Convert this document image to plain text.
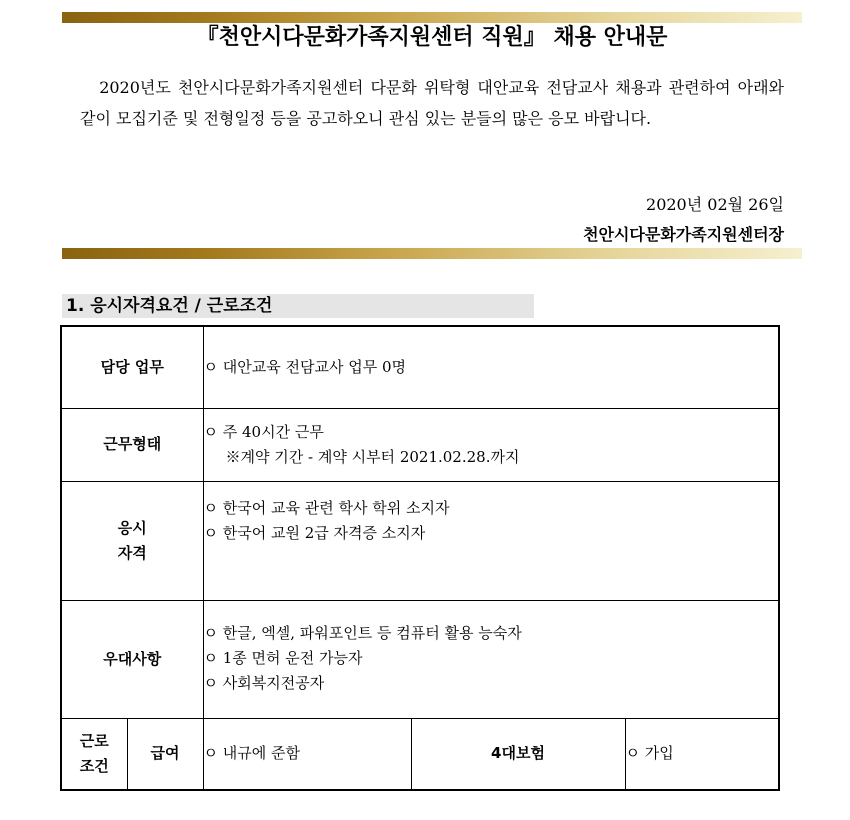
『천안시다문화가족지원센터 직원』 채용 안내문

2020년도 천안시다문화가족지원센터 다문화 위탁형 대안교육 전담교사 채용과 관련하여 아래와 같이 모집기준 및 전형일정 등을 공고하오니 관심 있는 분들의 많은 응모 바랍니다.

2020년 02월 26일
천안시다문화가족지원센터장
1. 응시자격요건 / 근로조건
담당 업무		ㅇ 대안교육 전담교사 업무 0명		

근무형태		ㅇ 주 40시간 근무
※계약 기간 - 계약 시부터 2021.02.28.까지		

응시
자격		ㅇ 한국어 교육 관련 학사 학위 소지자
ㅇ 한국어 교원 2급 자격증 소지자		

우대사항		ㅇ 한글, 엑셀, 파워포인트 등 컴퓨터 활용 능숙자
ㅇ 1종 면허 운전 가능자
ㅇ 사회복지전공자		

근로
조건	급여	ㅇ 내규에 준함	4대보험	ㅇ 가입
